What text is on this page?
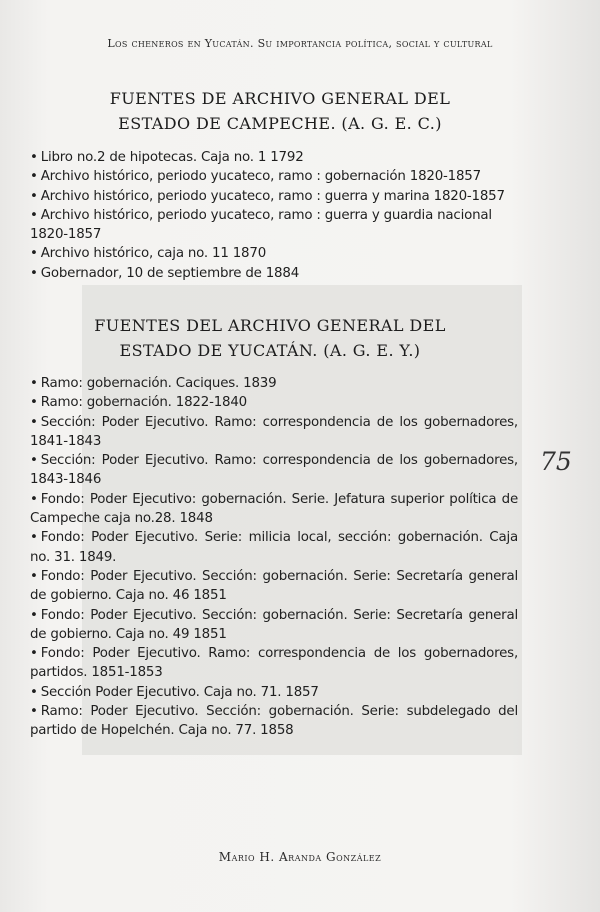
Los cheneros en Yucatán. Su importancia política, social y cultural
FUENTES DE ARCHIVO GENERAL DEL
ESTADO DE CAMPECHE. (A. G. E. C.)
• Libro no.2 de hipotecas. Caja no. 1 1792
• Archivo histórico, periodo yucateco, ramo : gobernación 1820-1857
• Archivo histórico, periodo yucateco, ramo : guerra y marina 1820-1857
• Archivo histórico, periodo yucateco, ramo : guerra y guardia nacional 1820-1857
• Archivo histórico, caja no. 11 1870
• Gobernador, 10 de septiembre de 1884
FUENTES DEL ARCHIVO GENERAL DEL
ESTADO DE YUCATÁN. (A. G. E. Y.)
• Ramo: gobernación. Caciques. 1839
• Ramo: gobernación. 1822-1840
• Sección: Poder Ejecutivo. Ramo: correspondencia de los gobernadores, 1841-1843
• Sección: Poder Ejecutivo. Ramo: correspondencia de los gobernadores, 1843-1846
• Fondo: Poder Ejecutivo: gobernación. Serie. Jefatura superior política de Campeche caja no.28. 1848
• Fondo: Poder Ejecutivo. Serie: milicia local, sección: gobernación. Caja no. 31. 1849.
• Fondo: Poder Ejecutivo. Sección: gobernación. Serie: Secretaría general de gobierno. Caja no. 46 1851
• Fondo: Poder Ejecutivo. Sección: gobernación. Serie: Secretaría general de gobierno. Caja no. 49 1851
• Fondo: Poder Ejecutivo. Ramo: correspondencia de los gobernadores, partidos. 1851-1853
• Sección Poder Ejecutivo. Caja no. 71. 1857
• Ramo: Poder Ejecutivo. Sección: gobernación. Serie: subdelegado del partido de Hopelchén. Caja no. 77. 1858
75
Mario H. Aranda González
